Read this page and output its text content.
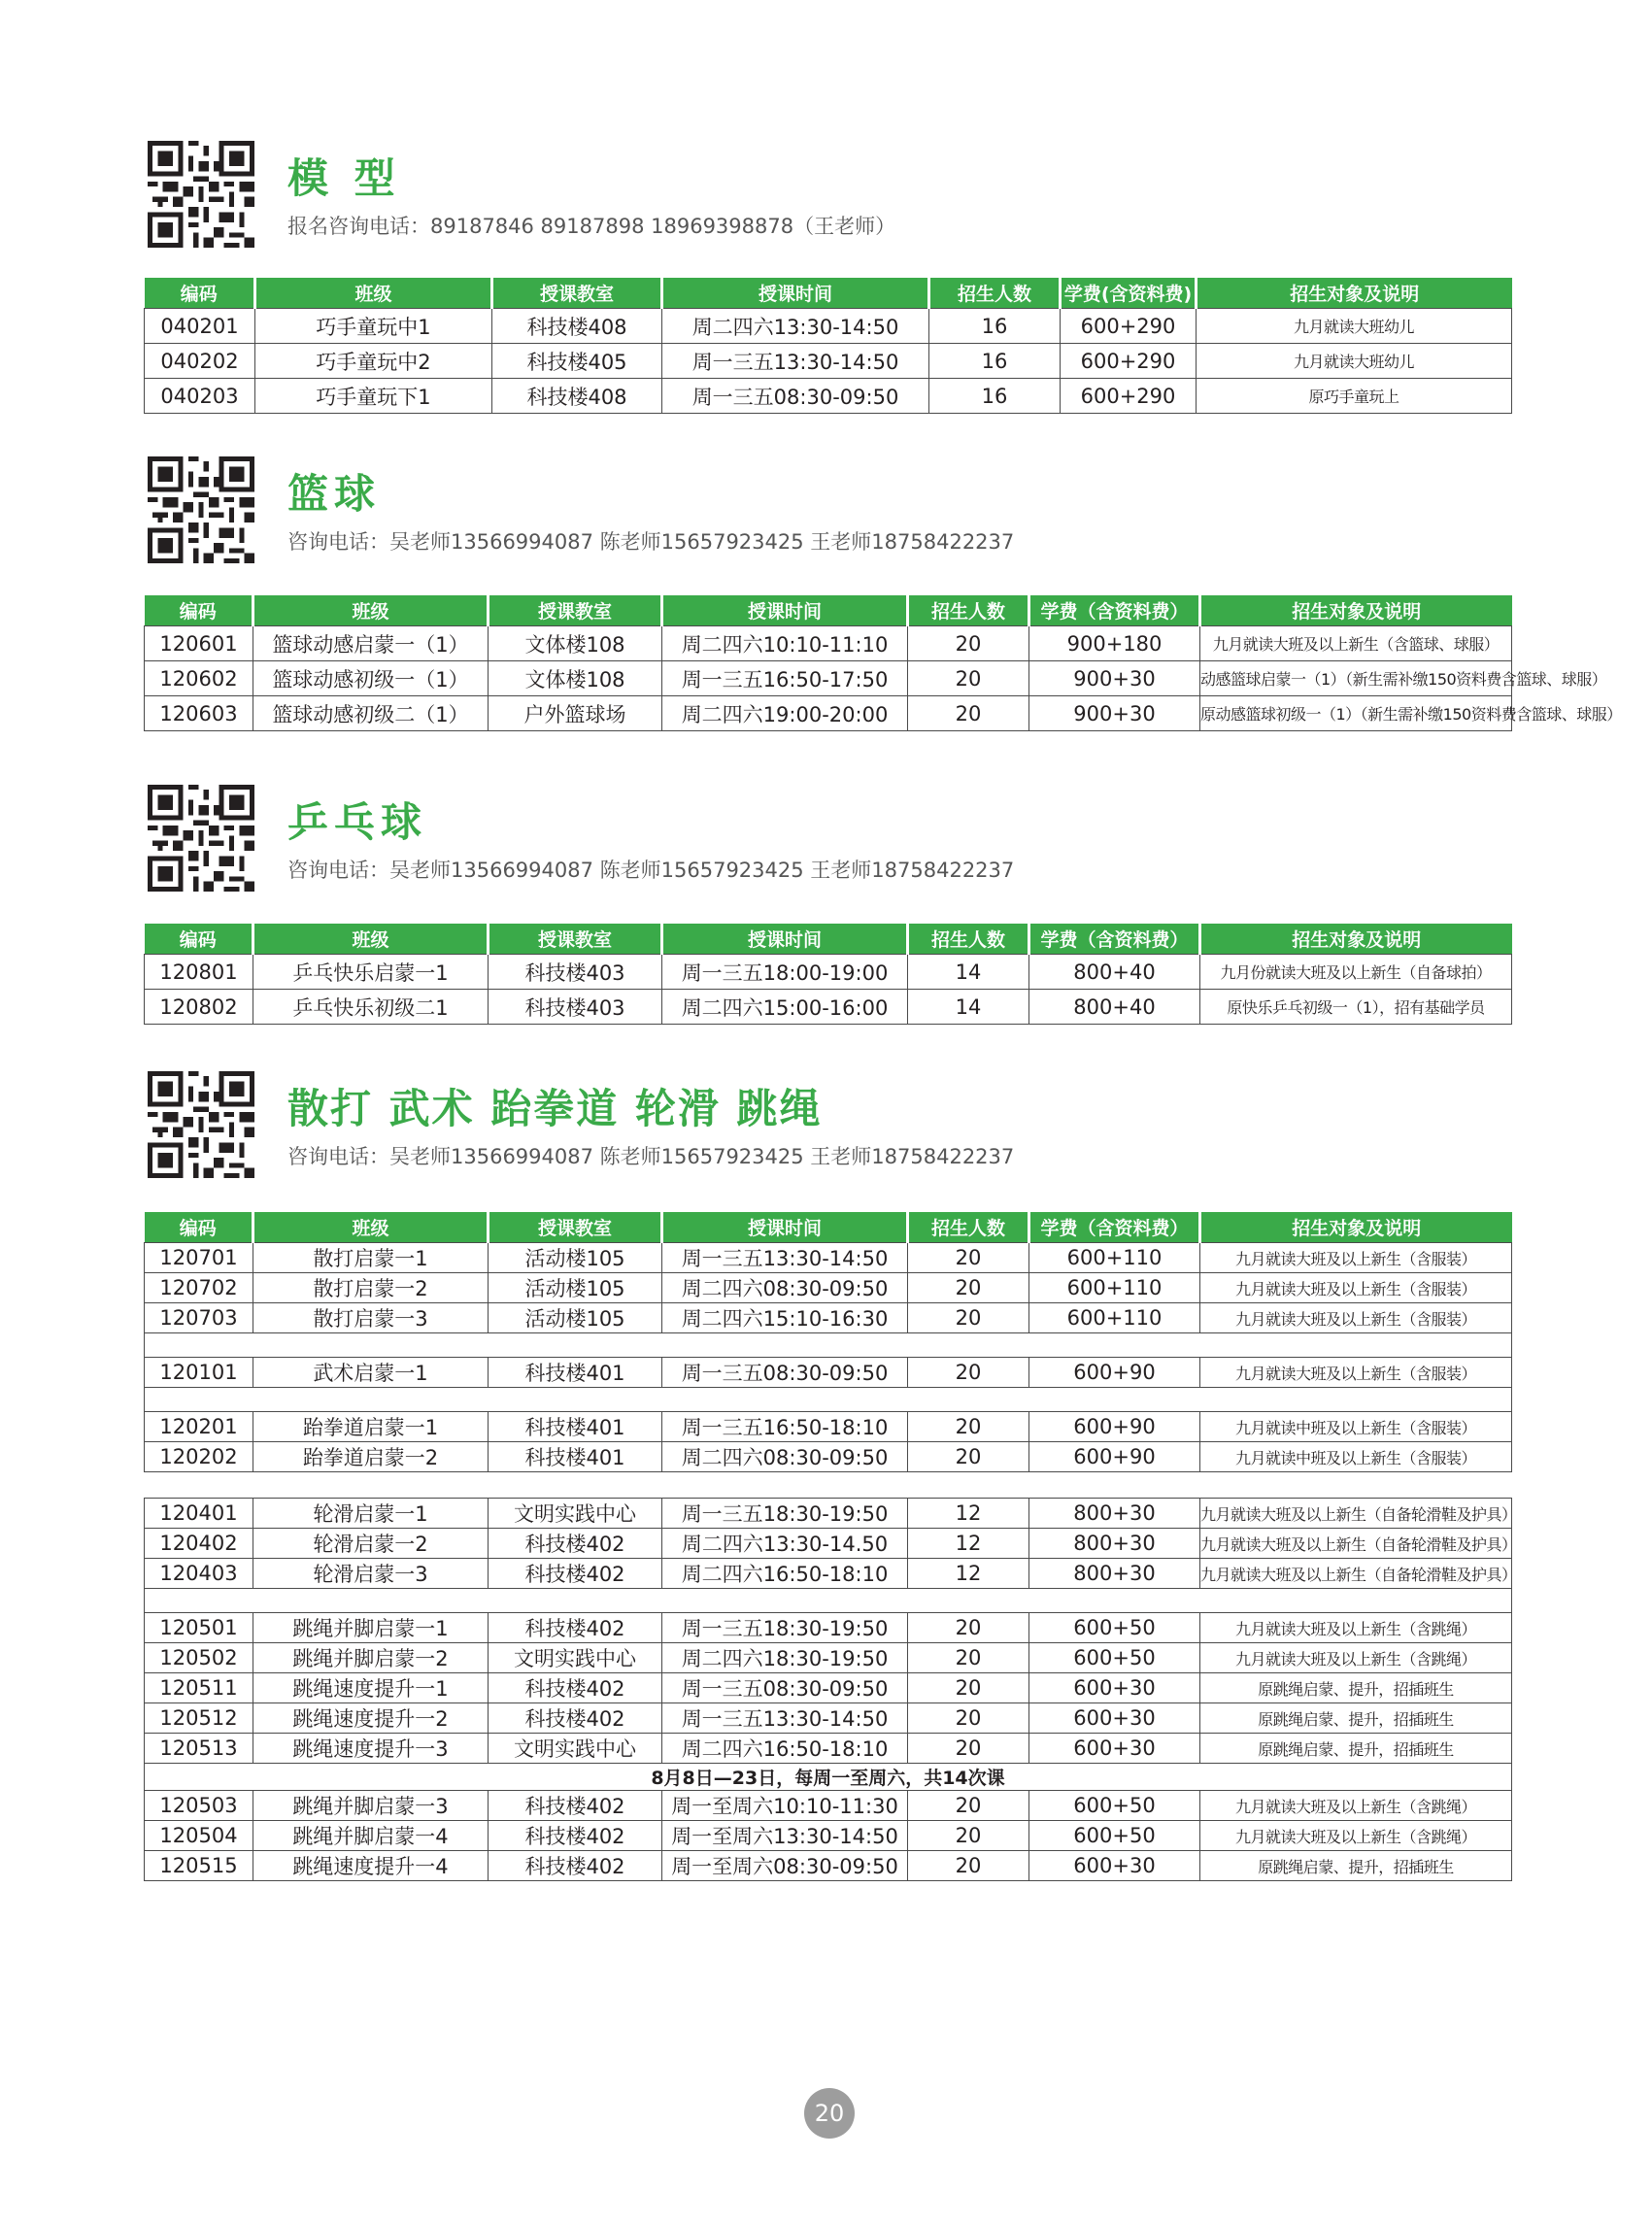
模 型
报名咨询电话：89187846 89187898 18969398878（王老师）
编码	班级	授课教室	授课时间	招生人数	学费(含资料费)	招生对象及说明
040201	巧手童玩中1	科技楼408	周二四六13:30-14:50	16	600+290	九月就读大班幼儿
040202	巧手童玩中2	科技楼405	周一三五13:30-14:50	16	600+290	九月就读大班幼儿
040203	巧手童玩下1	科技楼408	周一三五08:30-09:50	16	600+290	原巧手童玩上
篮球
咨询电话：吴老师13566994087 陈老师15657923425 王老师18758422237
编码	班级	授课教室	授课时间	招生人数	学费（含资料费）	招生对象及说明
120601	篮球动感启蒙一（1）	文体楼108	周二四六10:10-11:10	20	900+180	九月就读大班及以上新生（含篮球、球服）
120602	篮球动感初级一（1）	文体楼108	周一三五16:50-17:50	20	900+30	动感篮球启蒙一（1）（新生需补缴150资料费含篮球、球服）
120603	篮球动感初级二（1）	户外篮球场	周二四六19:00-20:00	20	900+30	原动感篮球初级一（1）（新生需补缴150资料费含篮球、球服）
乒乓球
咨询电话：吴老师13566994087 陈老师15657923425 王老师18758422237
编码	班级	授课教室	授课时间	招生人数	学费（含资料费）	招生对象及说明
120801	乒乓快乐启蒙一1	科技楼403	周一三五18:00-19:00	14	800+40	九月份就读大班及以上新生（自备球拍）
120802	乒乓快乐初级二1	科技楼403	周二四六15:00-16:00	14	800+40	原快乐乒乓初级一（1），招有基础学员
散打 武术 跆拳道 轮滑 跳绳
咨询电话：吴老师13566994087 陈老师15657923425 王老师18758422237
编码	班级	授课教室	授课时间	招生人数	学费（含资料费）	招生对象及说明
120701	散打启蒙一1	活动楼105	周一三五13:30-14:50	20	600+110	九月就读大班及以上新生（含服装）
120702	散打启蒙一2	活动楼105	周二四六08:30-09:50	20	600+110	九月就读大班及以上新生（含服装）
120703	散打启蒙一3	活动楼105	周二四六15:10-16:30	20	600+110	九月就读大班及以上新生（含服装）

120101	武术启蒙一1	科技楼401	周一三五08:30-09:50	20	600+90	九月就读大班及以上新生（含服装）

120201	跆拳道启蒙一1	科技楼401	周一三五16:50-18:10	20	600+90	九月就读中班及以上新生（含服装）
120202	跆拳道启蒙一2	科技楼401	周二四六08:30-09:50	20	600+90	九月就读中班及以上新生（含服装）

120401	轮滑启蒙一1	文明实践中心	周一三五18:30-19:50	12	800+30	九月就读大班及以上新生（自备轮滑鞋及护具）
120402	轮滑启蒙一2	科技楼402	周二四六13:30-14.50	12	800+30	九月就读大班及以上新生（自备轮滑鞋及护具）
120403	轮滑启蒙一3	科技楼402	周二四六16:50-18:10	12	800+30	九月就读大班及以上新生（自备轮滑鞋及护具）

120501	跳绳并脚启蒙一1	科技楼402	周一三五18:30-19:50	20	600+50	九月就读大班及以上新生（含跳绳）
120502	跳绳并脚启蒙一2	文明实践中心	周二四六18:30-19:50	20	600+50	九月就读大班及以上新生（含跳绳）
120511	跳绳速度提升一1	科技楼402	周一三五08:30-09:50	20	600+30	原跳绳启蒙、提升，招插班生
120512	跳绳速度提升一2	科技楼402	周一三五13:30-14:50	20	600+30	原跳绳启蒙、提升，招插班生
120513	跳绳速度提升一3	文明实践中心	周二四六16:50-18:10	20	600+30	原跳绳启蒙、提升，招插班生
8月8日—23日，每周一至周六，共14次课						
120503	跳绳并脚启蒙一3	科技楼402	周一至周六10:10-11:30	20	600+50	九月就读大班及以上新生（含跳绳）
120504	跳绳并脚启蒙一4	科技楼402	周一至周六13:30-14:50	20	600+50	九月就读大班及以上新生（含跳绳）
120515	跳绳速度提升一4	科技楼402	周一至周六08:30-09:50	20	600+30	原跳绳启蒙、提升，招插班生
20
